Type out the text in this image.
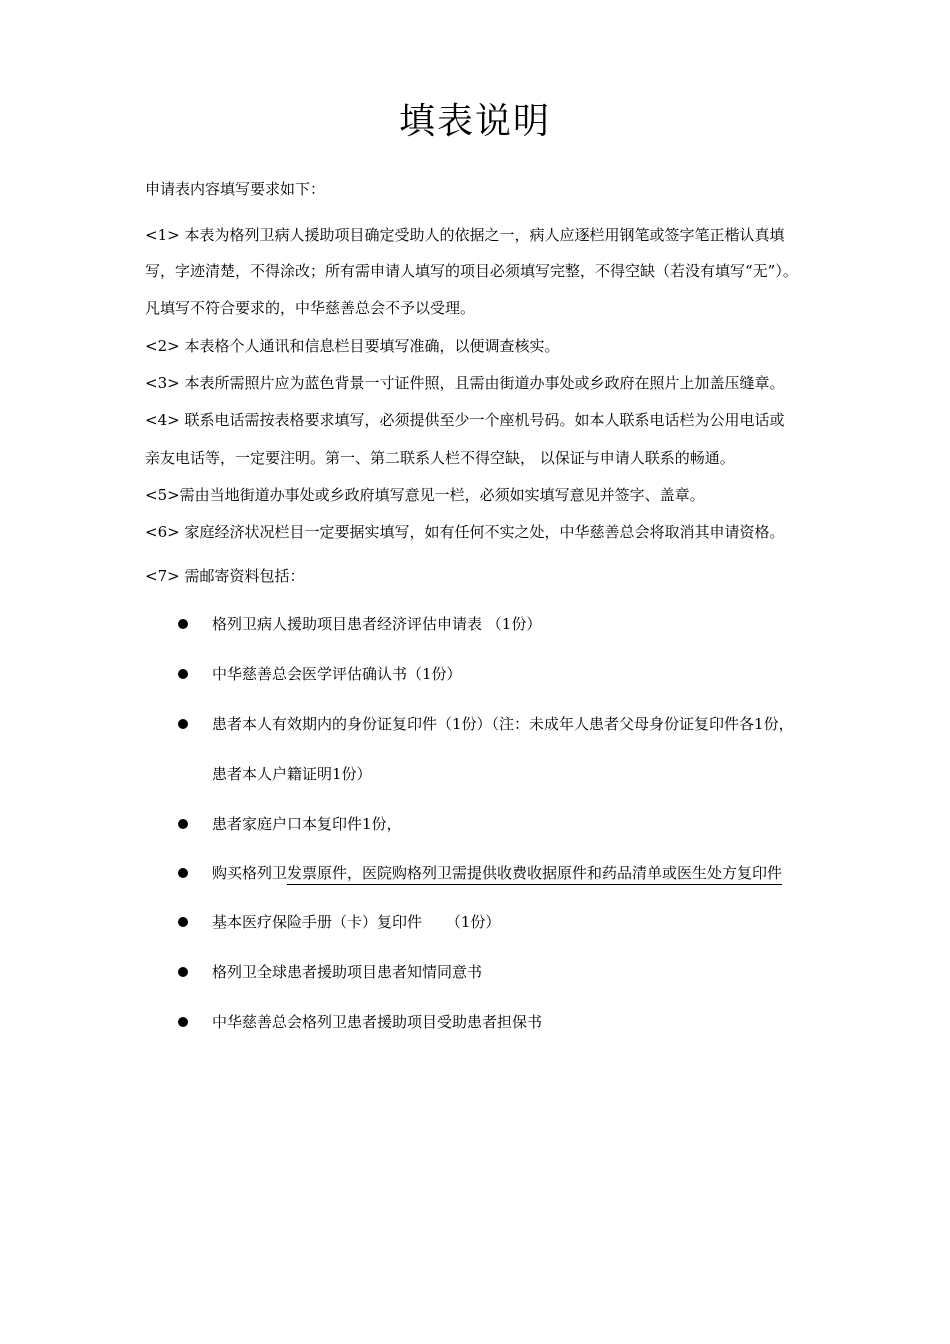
填表说明
申请表内容填写要求如下：
<1> 本表为格列卫病人援助项目确定受助人的依据之一，病人应逐栏用钢笔或签字笔正楷认真填
写，字迹清楚，不得涂改；所有需申请人填写的项目必须填写完整，不得空缺（若没有填写“无”）。
凡填写不符合要求的，中华慈善总会不予以受理。
<2> 本表格个人通讯和信息栏目要填写准确，以便调查核实。
<3> 本表所需照片应为蓝色背景一寸证件照，且需由街道办事处或乡政府在照片上加盖压缝章。
<4> 联系电话需按表格要求填写，必须提供至少一个座机号码。如本人联系电话栏为公用电话或
亲友电话等，一定要注明。第一、第二联系人栏不得空缺， 以保证与申请人联系的畅通。
<5>需由当地街道办事处或乡政府填写意见一栏，必须如实填写意见并签字、盖章。
<6> 家庭经济状况栏目一定要据实填写，如有任何不实之处，中华慈善总会将取消其申请资格。
<7> 需邮寄资料包括：
格列卫病人援助项目患者经济评估申请表 （1份）
中华慈善总会医学评估确认书（1份）
患者本人有效期内的身份证复印件（1份）（注：未成年人患者父母身份证复印件各1份，
患者本人户籍证明1份）
患者家庭户口本复印件1份，
购买格列卫发票原件，医院购格列卫需提供收费收据原件和药品清单或医生处方复印件
基本医疗保险手册（卡）复印件     （1份）
格列卫全球患者援助项目患者知情同意书
中华慈善总会格列卫患者援助项目受助患者担保书
